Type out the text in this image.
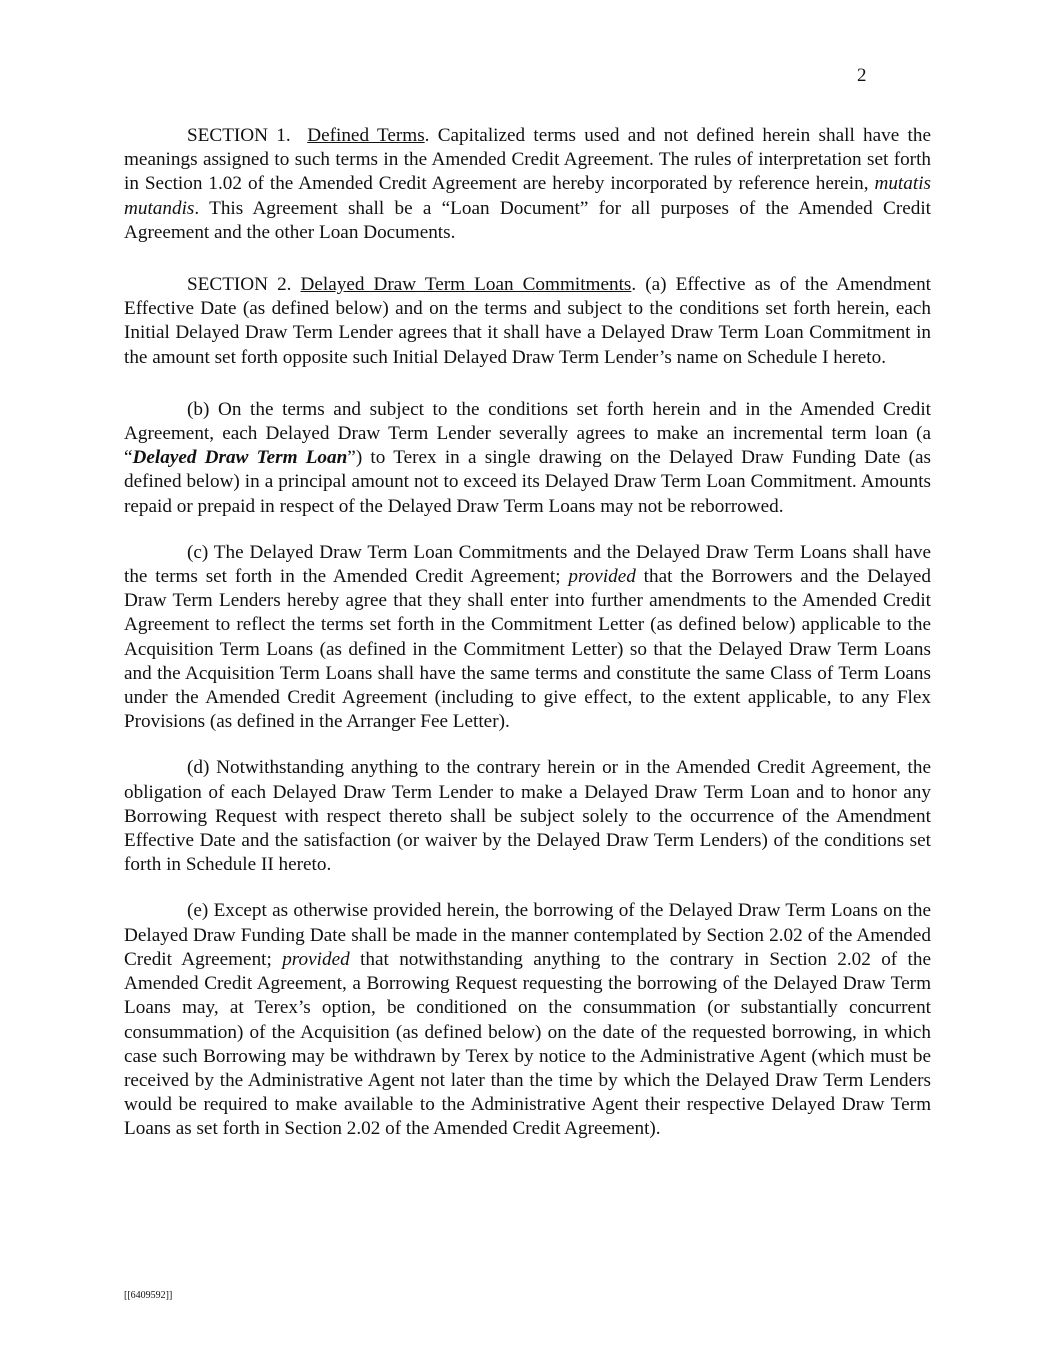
2

SECTION 1. Defined Terms. Capitalized terms used and not defined herein shall have the meanings assigned to such terms in the Amended Credit Agreement. The rules of interpretation set forth in Section 1.02 of the Amended Credit Agreement are hereby incorporated by reference herein, mutatis mutandis. This Agreement shall be a “Loan Document” for all purposes of the Amended Credit Agreement and the other Loan Documents.

SECTION 2. Delayed Draw Term Loan Commitments. (a) Effective as of the Amendment Effective Date (as defined below) and on the terms and subject to the conditions set forth herein, each Initial Delayed Draw Term Lender agrees that it shall have a Delayed Draw Term Loan Commitment in the amount set forth opposite such Initial Delayed Draw Term Lender’s name on Schedule I hereto.

(b) On the terms and subject to the conditions set forth herein and in the Amended Credit Agreement, each Delayed Draw Term Lender severally agrees to make an incremental term loan (a “Delayed Draw Term Loan”) to Terex in a single drawing on the Delayed Draw Funding Date (as defined below) in a principal amount not to exceed its Delayed Draw Term Loan Commitment. Amounts repaid or prepaid in respect of the Delayed Draw Term Loans may not be reborrowed.

(c) The Delayed Draw Term Loan Commitments and the Delayed Draw Term Loans shall have the terms set forth in the Amended Credit Agreement; provided that the Borrowers and the Delayed Draw Term Lenders hereby agree that they shall enter into further amendments to the Amended Credit Agreement to reflect the terms set forth in the Commitment Letter (as defined below) applicable to the Acquisition Term Loans (as defined in the Commitment Letter) so that the Delayed Draw Term Loans and the Acquisition Term Loans shall have the same terms and constitute the same Class of Term Loans under the Amended Credit Agreement (including to give effect, to the extent applicable, to any Flex Provisions (as defined in the Arranger Fee Letter).

(d) Notwithstanding anything to the contrary herein or in the Amended Credit Agreement, the obligation of each Delayed Draw Term Lender to make a Delayed Draw Term Loan and to honor any Borrowing Request with respect thereto shall be subject solely to the occurrence of the Amendment Effective Date and the satisfaction (or waiver by the Delayed Draw Term Lenders) of the conditions set forth in Schedule II hereto.

(e) Except as otherwise provided herein, the borrowing of the Delayed Draw Term Loans on the Delayed Draw Funding Date shall be made in the manner contemplated by Section 2.02 of the Amended Credit Agreement; provided that notwithstanding anything to the contrary in Section 2.02 of the Amended Credit Agreement, a Borrowing Request requesting the borrowing of the Delayed Draw Term Loans may, at Terex’s option, be conditioned on the consummation (or substantially concurrent consummation) of the Acquisition (as defined below) on the date of the requested borrowing, in which case such Borrowing may be withdrawn by Terex by notice to the Administrative Agent (which must be received by the Administrative Agent not later than the time by which the Delayed Draw Term Lenders would be required to make available to the Administrative Agent their respective Delayed Draw Term Loans as set forth in Section 2.02 of the Amended Credit Agreement).

[[6409592]]
